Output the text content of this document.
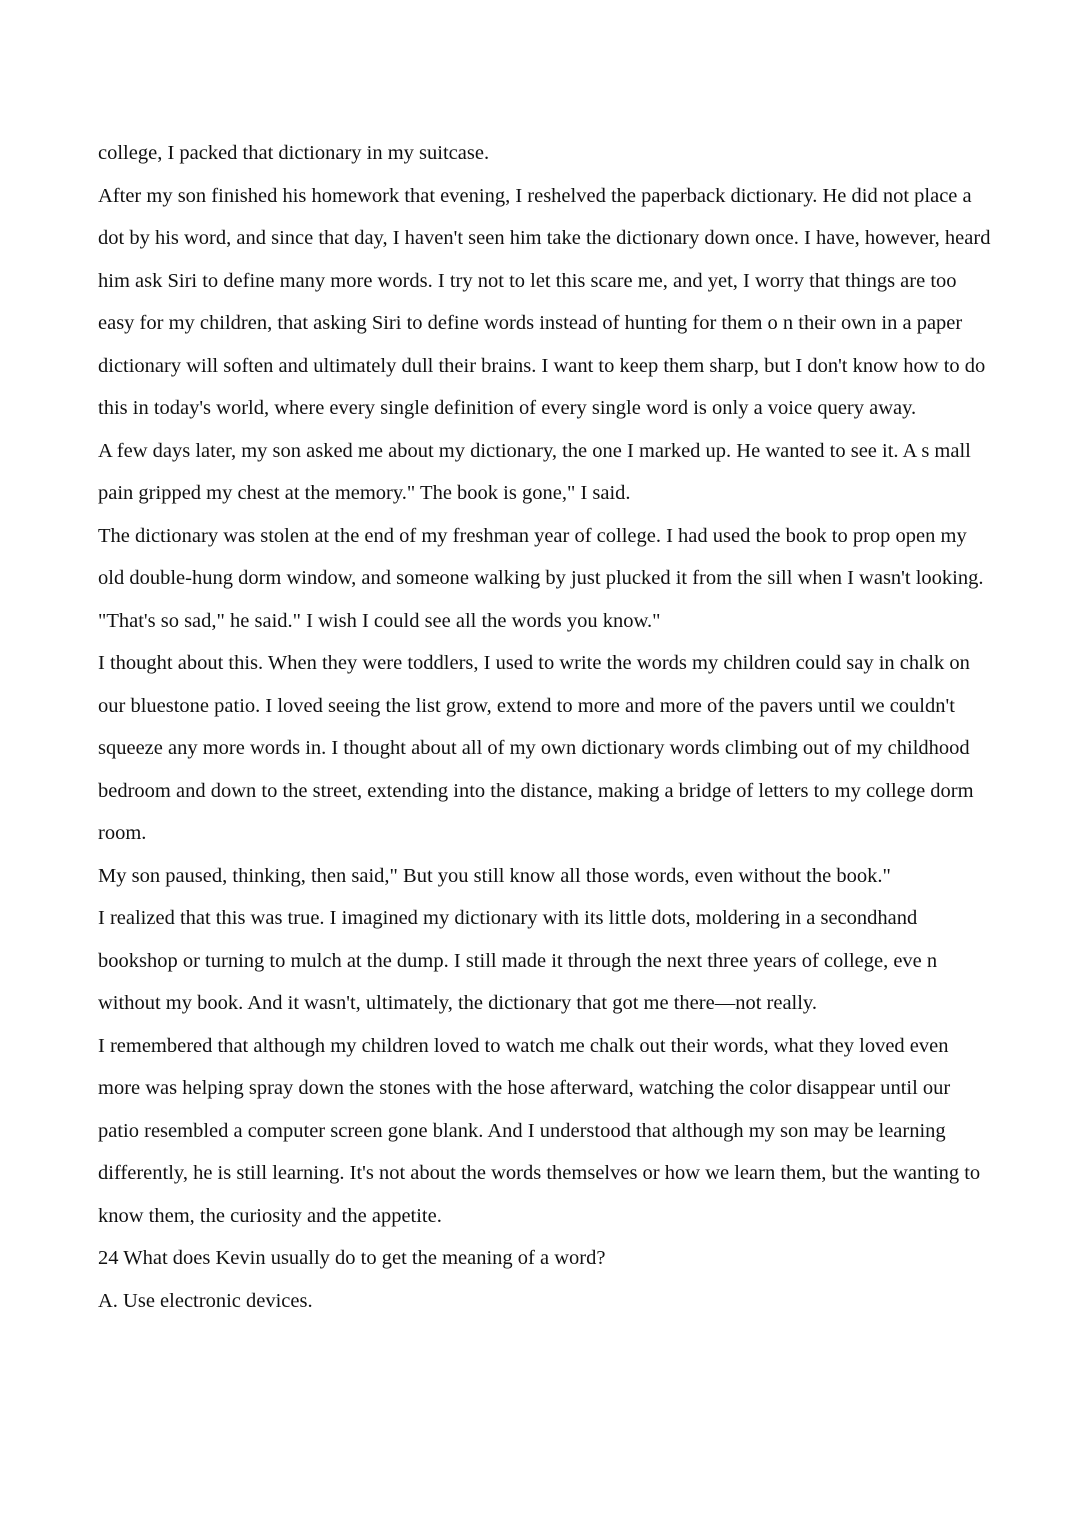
college, I packed that dictionary in my suitcase.

After my son finished his homework that evening, I reshelved the paperback dictionary. He did not place a dot by his word, and since that day, I haven't seen him take the dictionary down once. I have, however, heard him ask Siri to define many more words. I try not to let this scare me, and yet, I worry that things are too easy for my children, that asking Siri to define words instead of hunting for them o n their own in a paper dictionary will soften and ultimately dull their brains. I want to keep them sharp, but I don't know how to do this in today's world, where every single definition of every single word is only a voice query away.

A few days later, my son asked me about my dictionary, the one I marked up. He wanted to see it. A s mall pain gripped my chest at the memory." The book is gone," I said.

The dictionary was stolen at the end of my freshman year of college. I had used the book to prop open my old double-hung dorm window, and someone walking by just plucked it from the sill when I wasn't looking.

"That's so sad," he said." I wish I could see all the words you know."

I thought about this. When they were toddlers, I used to write the words my children could say in chalk on our bluestone patio. I loved seeing the list grow, extend to more and more of the pavers until we couldn't squeeze any more words in. I thought about all of my own dictionary words climbing out of my childhood bedroom and down to the street, extending into the distance, making a bridge of letters to my college dorm room.

My son paused, thinking, then said," But you still know all those words, even without the book."

I realized that this was true. I imagined my dictionary with its little dots, moldering in a secondhand bookshop or turning to mulch at the dump. I still made it through the next three years of college, eve n without my book. And it wasn't, ultimately, the dictionary that got me there—not really.

I remembered that although my children loved to watch me chalk out their words, what they loved even more was helping spray down the stones with the hose afterward, watching the color disappear until our patio resembled a computer screen gone blank. And I understood that although my son may be learning differently, he is still learning. It's not about the words themselves or how we learn them, but the wanting to know them, the curiosity and the appetite.

24 What does Kevin usually do to get the meaning of a word?

A. Use electronic devices.
